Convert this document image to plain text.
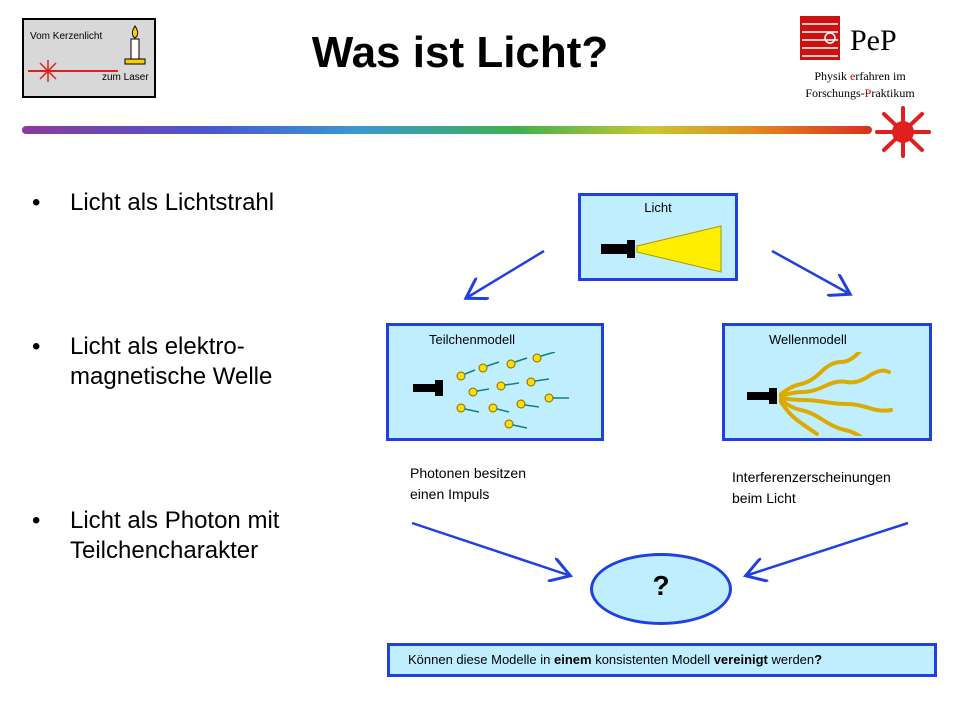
Vom Kerzenlicht
zum Laser
Was ist Licht?	PeP
Physik erfahren im
Forschungs-Praktikum
• Licht als Lichtstrahl
• Licht als elektro-magnetische Welle
• Licht als Photon mit Teilchencharakter
Licht
Teilchenmodell	Wellenmodell
Photonen besitzen
einen Impuls
Interferenzerscheinungen
beim Licht
?
Können diese Modelle in einem konsistenten Modell vereinigt werden?
